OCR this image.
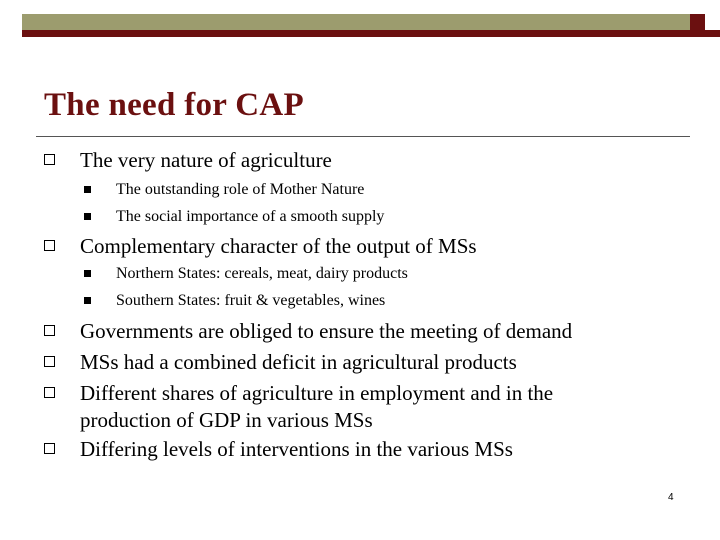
The need for CAP
The very nature of agriculture
The outstanding role of Mother Nature
The social importance of a smooth supply
Complementary character of the output of MSs
Northern States: cereals, meat, dairy products
Southern States: fruit & vegetables, wines
Governments are obliged to ensure the meeting of demand
MSs had a combined deficit in agricultural products
Different shares of agriculture in employment and in the
production of GDP in various MSs
Differing levels of interventions in the various MSs
4
